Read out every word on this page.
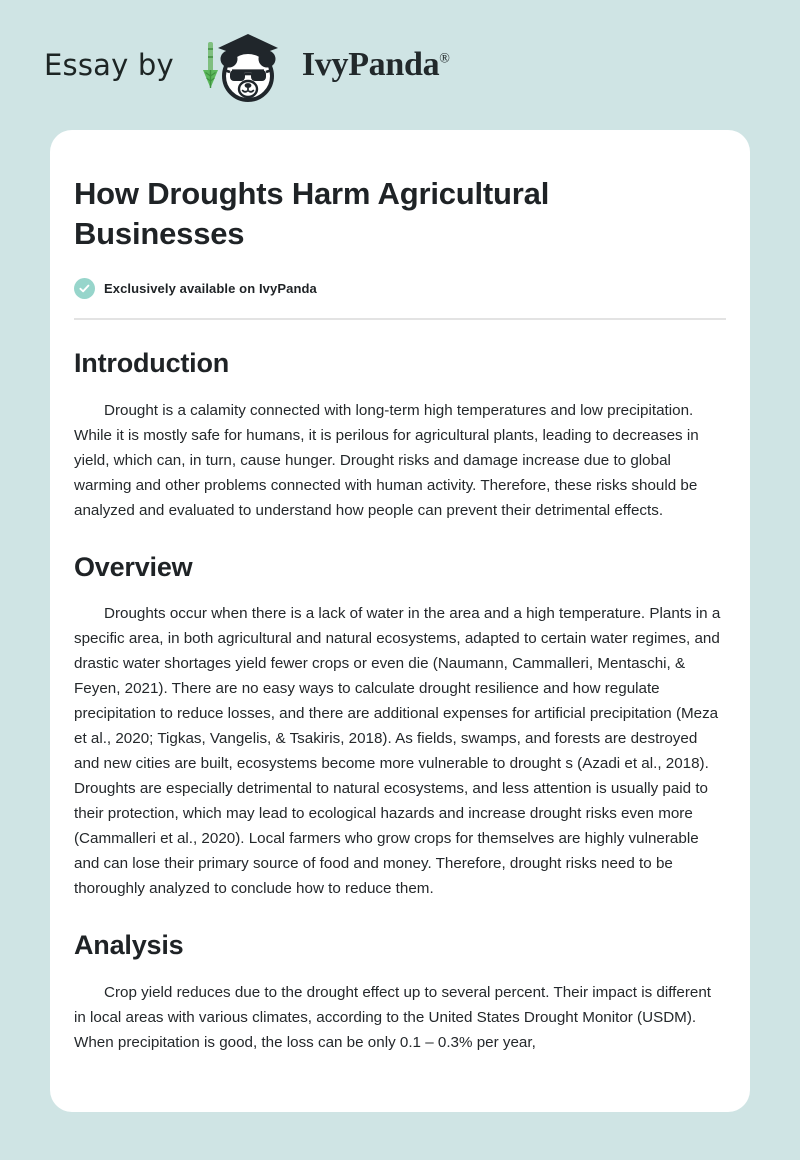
Essay by	IvyPanda®
How Droughts Harm Agricultural Businesses
Exclusively available on IvyPanda
Introduction

Drought is a calamity connected with long-term high temperatures and low precipitation. While it is mostly safe for humans, it is perilous for agricultural plants, leading to decreases in yield, which can, in turn, cause hunger. Drought risks and damage increase due to global warming and other problems connected with human activity. Therefore, these risks should be analyzed and evaluated to understand how people can prevent their detrimental effects.

Overview

Droughts occur when there is a lack of water in the area and a high temperature. Plants in a specific area, in both agricultural and natural ecosystems, adapted to certain water regimes, and drastic water shortages yield fewer crops or even die (Naumann, Cammalleri, Mentaschi, & Feyen, 2021). There are no easy ways to calculate drought resilience and how regulate precipitation to reduce losses, and there are additional expenses for artificial precipitation (Meza et al., 2020; Tigkas, Vangelis, & Tsakiris, 2018). As fields, swamps, and forests are destroyed and new cities are built, ecosystems become more vulnerable to drought s (Azadi et al., 2018). Droughts are especially detrimental to natural ecosystems, and less attention is usually paid to their protection, which may lead to ecological hazards and increase drought risks even more (Cammalleri et al., 2020). Local farmers who grow crops for themselves are highly vulnerable and can lose their primary source of food and money. Therefore, drought risks need to be thoroughly analyzed to conclude how to reduce them.

Analysis

Crop yield reduces due to the drought effect up to several percent. Their impact is different in local areas with various climates, according to the United States Drought Monitor (USDM). When precipitation is good, the loss can be only 0.1 – 0.3% per year,
